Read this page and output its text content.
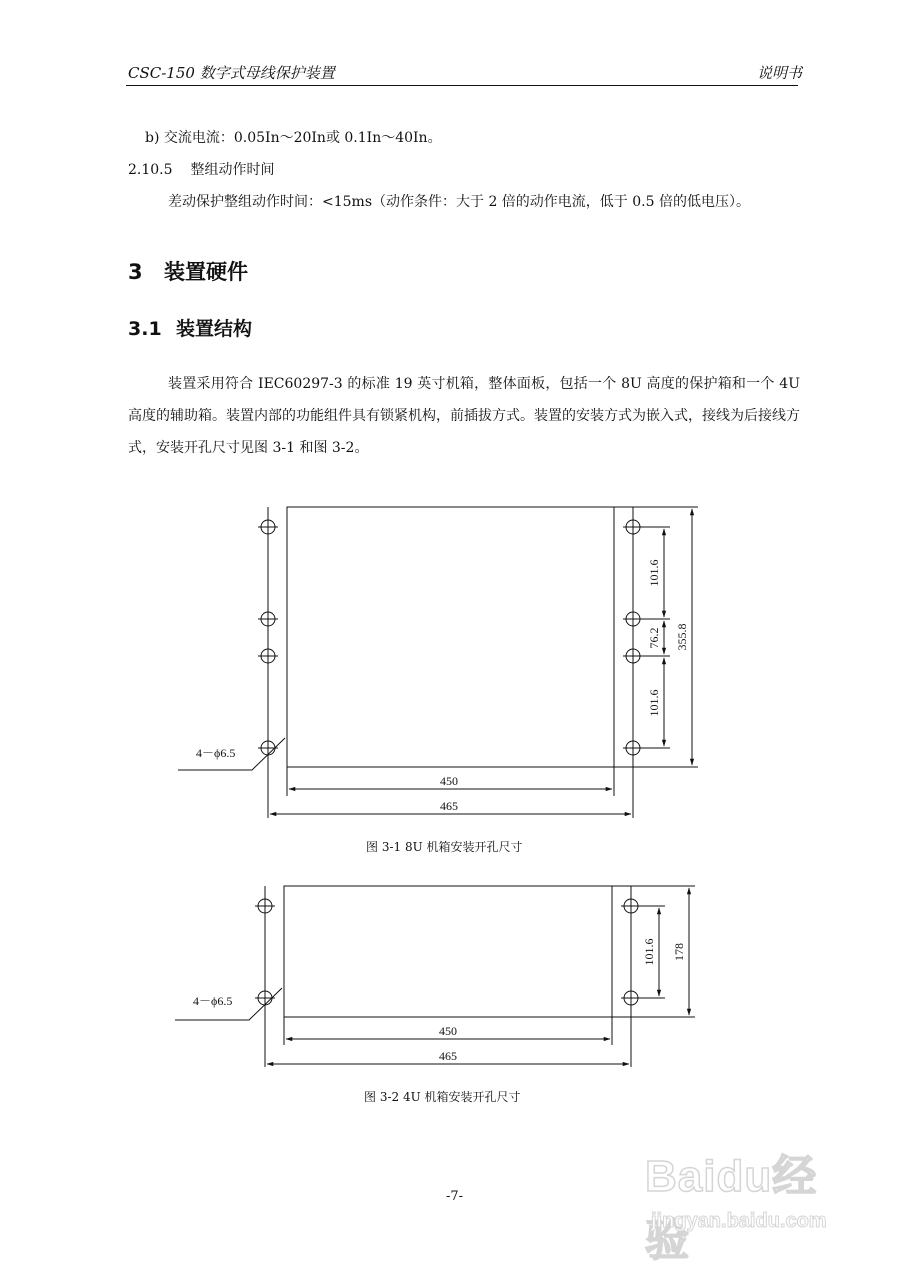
CSC-150 数字式母线保护装置	说明书
b) 交流电流：0.05In～20In或 0.1In～40In。
2.10.5 整组动作时间
差动保护整组动作时间：<15ms（动作条件：大于 2 倍的动作电流，低于 0.5 倍的低电压）。
3 装置硬件
3.1 装置结构

装置采用符合 IEC60297-3 的标准 19 英寸机箱，整体面板，包括一个 8U 高度的保护箱和一个 4U 高度的辅助箱。装置内部的功能组件具有锁紧机构，前插拔方式。装置的安装方式为嵌入式，接线为后接线方式，安装开孔尺寸见图 3-1 和图 3-2。

4－ϕ6.5
450
465
101.6
76.2
101.6
355.8
4－ϕ6.5
450
465
101.6 178
图 3-1 8U 机箱安装开孔尺寸
图 3-2 4U 机箱安装开孔尺寸
-7-	Baidu经验
jingyan.baidu.com
